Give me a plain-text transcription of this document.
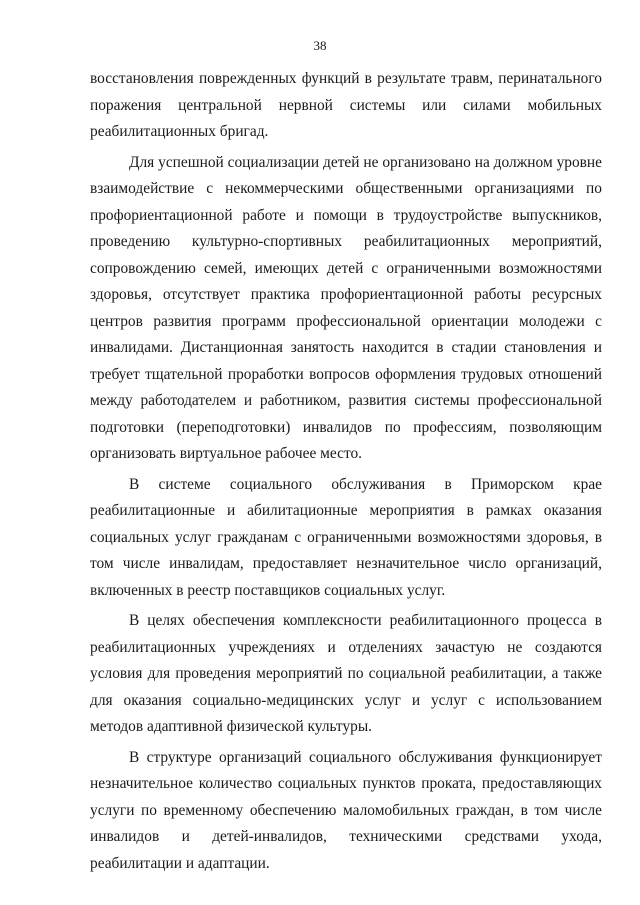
38

восстановления поврежденных функций в результате травм, перинатального поражения центральной нервной системы или силами мобильных реабилитационных бригад.

Для успешной социализации детей не организовано на должном уровне взаимодействие с некоммерческими общественными организациями по профориентационной работе и помощи в трудоустройстве выпускников, проведению культурно-спортивных реабилитационных мероприятий, сопровождению семей, имеющих детей с ограниченными возможностями здоровья, отсутствует практика профориентационной работы ресурсных центров развития программ профессиональной ориентации молодежи с инвалидами. Дистанционная занятость находится в стадии становления и требует тщательной проработки вопросов оформления трудовых отношений между работодателем и работником, развития системы профессиональной подготовки (переподготовки) инвалидов по профессиям, позволяющим организовать виртуальное рабочее место.

В системе социального обслуживания в Приморском крае реабилитационные и абилитационные мероприятия в рамках оказания социальных услуг гражданам с ограниченными возможностями здоровья, в том числе инвалидам, предоставляет незначительное число организаций, включенных в реестр поставщиков социальных услуг.

В целях обеспечения комплексности реабилитационного процесса в реабилитационных учреждениях и отделениях зачастую не создаются условия для проведения мероприятий по социальной реабилитации, а также для оказания социально-медицинских услуг и услуг с использованием методов адаптивной физической культуры.

В структуре организаций социального обслуживания функционирует незначительное количество социальных пунктов проката, предоставляющих услуги по временному обеспечению маломобильных граждан, в том числе инвалидов и детей-инвалидов, техническими средствами ухода, реабилитации и адаптации.
